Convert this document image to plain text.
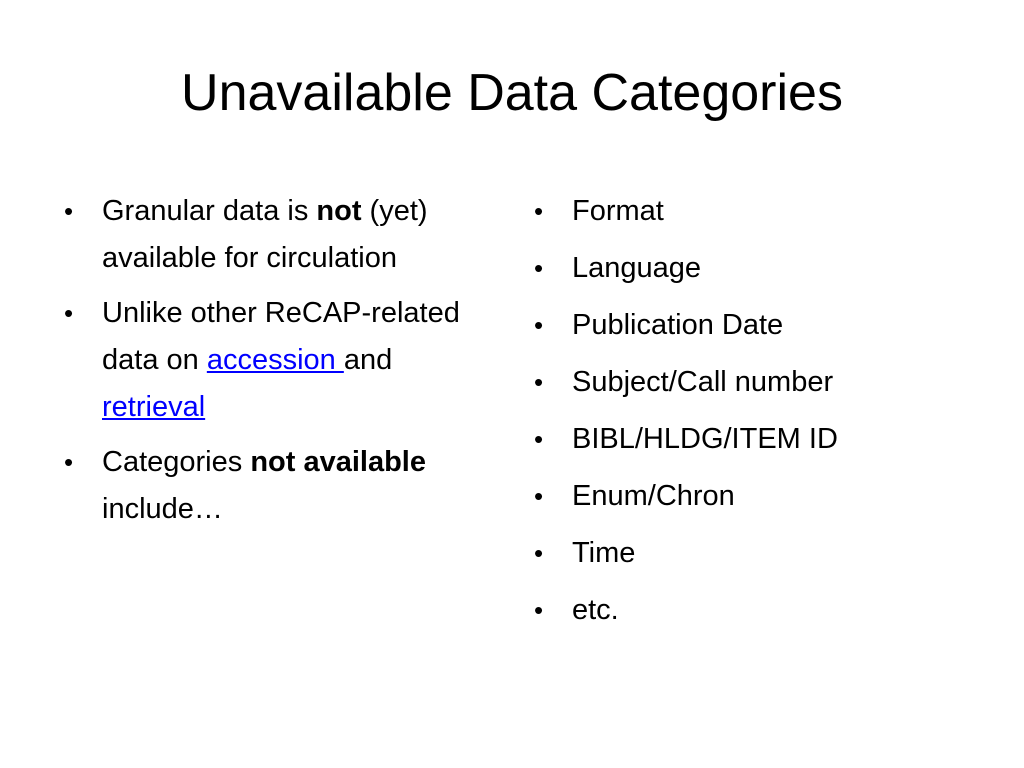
Unavailable Data Categories
• Granular data is not (yet) available for circulation
• Unlike other ReCAP-related data on accession and retrieval
• Categories not available include…
• Format
• Language
• Publication Date
• Subject/Call number
• BIBL/HLDG/ITEM ID
• Enum/Chron
• Time
• etc.
